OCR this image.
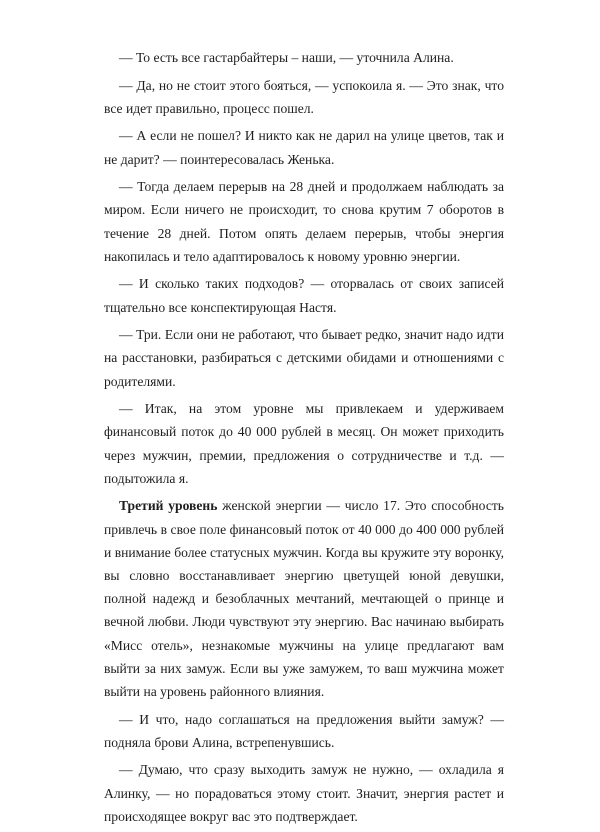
— То есть все гастарбайтеры – наши, — уточнила Алина.

— Да, но не стоит этого бояться, — успокоила я. — Это знак, что все идет правильно, процесс пошел.

— А если не пошел? И никто как не дарил на улице цветов, так и не дарит? — поинтересовалась Женька.

— Тогда делаем перерыв на 28 дней и продолжаем наблюдать за миром. Если ничего не происходит, то снова крутим 7 оборотов в течение 28 дней. Потом опять делаем перерыв, чтобы энергия накопилась и тело адаптировалось к новому уровню энергии.

— И сколько таких подходов? — оторвалась от своих записей тщательно все конспектирующая Настя.

— Три. Если они не работают, что бывает редко, значит надо идти на расстановки, разбираться с детскими обидами и отношениями с родителями.

— Итак, на этом уровне мы привлекаем и удерживаем финансовый поток до 40 000 рублей в месяц. Он может приходить через мужчин, премии, предложения о сотрудничестве и т.д. — подытожила я.

Третий уровень женской энергии — число 17. Это способность привлечь в свое поле финансовый поток от 40 000 до 400 000 рублей и внимание более статусных мужчин. Когда вы кружите эту воронку, вы словно восстанавливает энергию цветущей юной девушки, полной надежд и безоблачных мечтаний, мечтающей о принце и вечной любви. Люди чувствуют эту энергию. Вас начинаю выбирать «Мисс отель», незнакомые мужчины на улице предлагают вам выйти за них замуж. Если вы уже замужем, то ваш мужчина может выйти на уровень районного влияния.

— И что, надо соглашаться на предложения выйти замуж? — подняла брови Алина, встрепенувшись.

— Думаю, что сразу выходить замуж не нужно, — охладила я Алинку, — но порадоваться этому стоит. Значит, энергия растет и происходящее вокруг вас это подтверждает.
